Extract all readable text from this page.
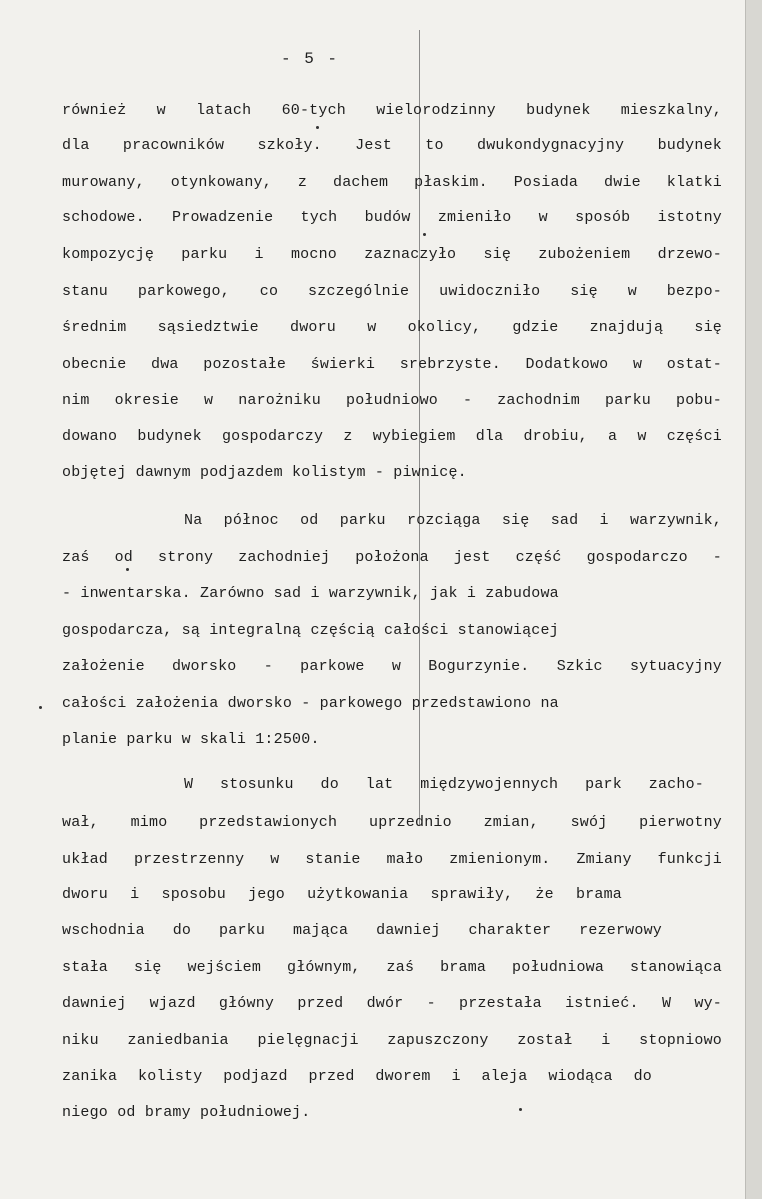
- 5 -
również w latach 60-tych wielorodzinny budynek mieszkalny,
dla pracowników szkoły. Jest to dwukondygnacyjny budynek
murowany, otynkowany, z dachem płaskim. Posiada dwie klatki
schodowe. Prowadzenie tych budów zmieniło w sposób istotny
kompozycję parku i mocno zaznaczyło się zubożeniem drzewo-
stanu parkowego, co szczególnie uwidoczniło się w bezpo-
średnim sąsiedztwie dworu w okolicy, gdzie znajdują się
obecnie dwa pozostałe świerki srebrzyste. Dodatkowo w ostat-
nim okresie w narożniku południowo - zachodnim parku pobu-
dowano budynek gospodarczy z wybiegiem dla drobiu, a w części
objętej dawnym podjazdem kolistym - piwnicę.
Na północ od parku rozciąga się sad i warzywnik,
zaś od strony zachodniej położona jest część gospodarczo -
- inwentarska. Zarówno sad i warzywnik, jak i zabudowa
gospodarcza, są integralną częścią całości stanowiącej
założenie dworsko - parkowe w Bogurzynie. Szkic sytuacyjny
całości założenia dworsko - parkowego przedstawiono na
planie parku w skali 1:2500.
W stosunku do lat międzywojennych park zacho-
wał, mimo przedstawionych uprzednio zmian, swój pierwotny
układ przestrzenny w stanie mało zmienionym. Zmiany funkcji
dworu i sposobu jego użytkowania sprawiły, że brama
wschodnia do parku mająca dawniej charakter rezerwowy
stała się wejściem głównym, zaś brama południowa stanowiąca
dawniej wjazd główny przed dwór - przestała istnieć. W wy-
niku zaniedbania pielęgnacji zapuszczony został i stopniowo
zanika kolisty podjazd przed dworem i aleja wiodąca do
niego od bramy południowej.
